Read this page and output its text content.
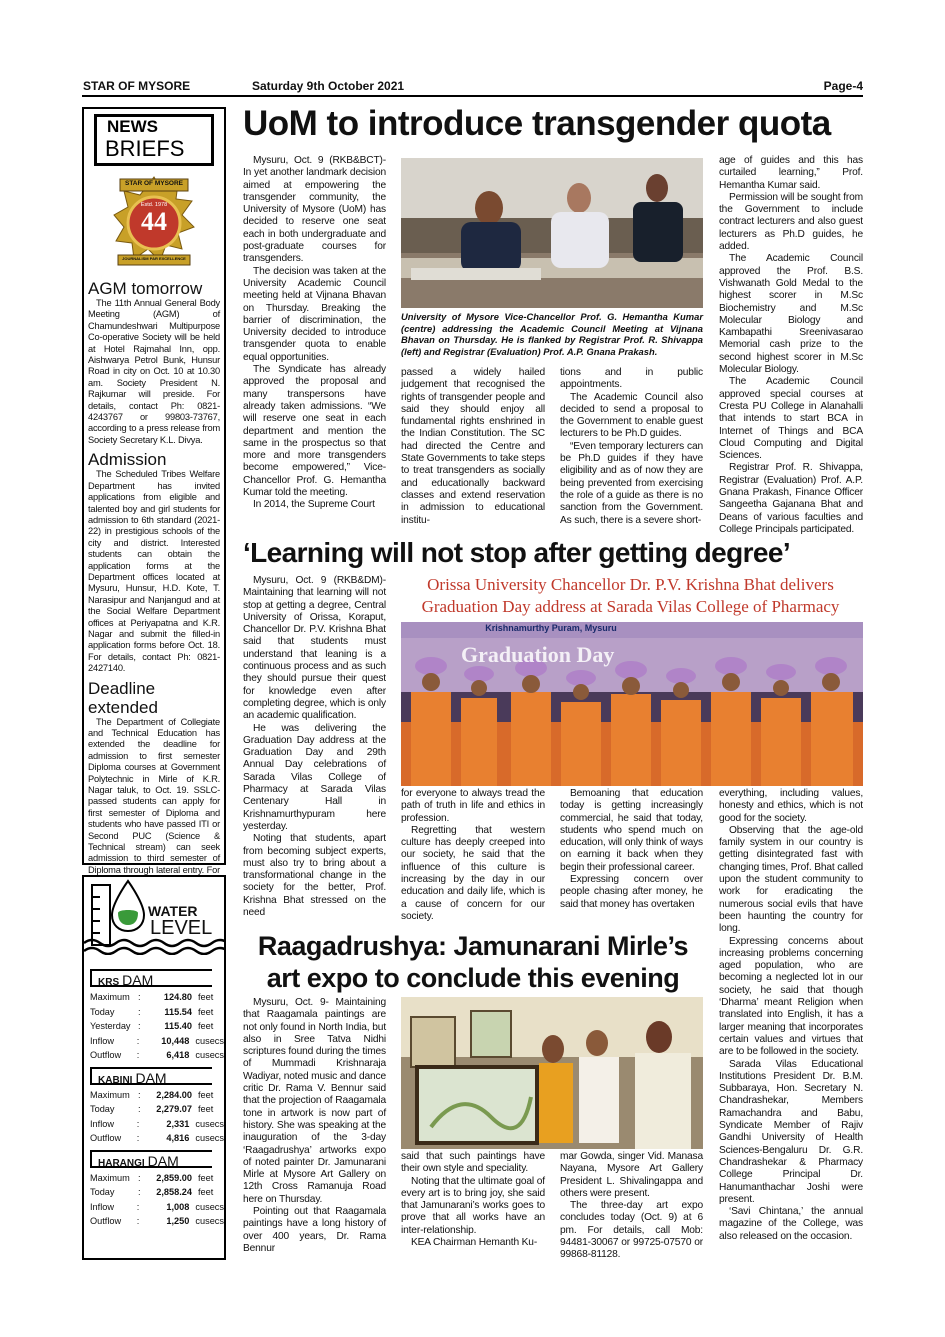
STAR OF MYSORE	Saturday 9th October 2021	Page-4
NEWS
BRIEFS
STAR OF MYSORE
Estd. 1978
44
JOURNALISM PAR EXCELLENCE
AGM tomorrow
The 11th Annual General Body Meeting (AGM) of Chamundeshwari Multipurpose Co-operative Society will be held at Hotel Rajmahal Inn, opp. Aishwarya Petrol Bunk, Hunsur Road in city on Oct. 10 at 10.30 am. Society President N. Rajkumar will preside. For details, contact Ph: 0821-4243767 or 99803-73767, according to a press release from Society Secretary K.L. Divya.
Admission
The Scheduled Tribes Welfare Department has invited applications from eligible and talented boy and girl students for admission to 6th standard (2021-22) in prestigious schools of the city and district. Interested students can obtain the application forms at the Department offices located at Mysuru, Hunsur, H.D. Kote, T. Narasipur and Nanjangud and at the Social Welfare Department offices at Periyapatna and K.R. Nagar and submit the filled-in application forms before Oct. 18. For details, contact Ph: 0821-2427140.
Deadline extended
The Department of Collegiate and Technical Education has extended the deadline for admission to first semester Diploma courses at Government Polytechnic in Mirle of K.R. Nagar taluk, to Oct. 19. SSLC-passed students can apply for first semester of Diploma and students who have passed ITI or Second PUC (Science & Technical stream) can seek admission to third semester of Diploma through lateral entry. For
WATER
LEVEL
KRS DAM
Maximum :	124.80 feet
Today	:	115.54 feet
Yesterday :	115.40 feet
Inflow	:	10,448 cusecs
Outflow	:	6,418 cusecs
KABINI DAM
Maximum :	2,284.00 feet
Today	:	2,279.07 feet
Inflow	:	2,331 cusecs
Outflow	:	4,816 cusecs
HARANGI DAM
Maximum :	2,859.00 feet
Today	:	2,858.24 feet
Inflow	:	1,008 cusecs
Outflow	:	1,250 cusecs
UoM to introduce transgender quota

Mysuru, Oct. 9 (RKB&BCT)- In yet another landmark decision aimed at empowering the transgender community, the University of Mysore (UoM) has decided to reserve one seat each in both undergraduate and post-graduate courses for transgenders.

The decision was taken at the University Academic Council meeting held at Vijnana Bhavan on Thursday. Breaking the barrier of discrimination, the University decided to introduce transgender quota to enable equal opportunities.

The Syndicate has already approved the proposal and many transpersons have already taken admissions. “We will reserve one seat in each department and mention the same in the prospectus so that more and more transgenders become empowered,” Vice-Chancellor Prof. G. Hemantha Kumar told the meeting.

In 2014, the Supreme Court

University of Mysore Vice-Chancellor Prof. G. Hemantha Kumar (centre) addressing the Academic Council Meeting at Vijnana Bhavan on Thursday. He is flanked by Registrar Prof. R. Shivappa (left) and Registrar (Evaluation) Prof. A.P. Gnana Prakash.

passed a widely hailed judgement that recognised the rights of transgender people and said they should enjoy all fundamental rights enshrined in the Indian Constitution. The SC had directed the Centre and State Governments to take steps to treat transgenders as socially and educationally backward classes and extend reservation in admission to educational institu-

tions and in public appointments.

The Academic Council also decided to send a proposal to the Government to enable guest lecturers to be Ph.D guides.

“Even temporary lecturers can be Ph.D guides if they have eligibility and as of now they are being prevented from exercising the role of a guide as there is no sanction from the Government. As such, there is a severe short-

age of guides and this has curtailed learning,” Prof. Hemantha Kumar said.

Permission will be sought from the Government to include contract lecturers and also guest lecturers as Ph.D guides, he added.

The Academic Council approved the Prof. B.S. Vishwanath Gold Medal to the highest scorer in M.Sc Biochemistry and M.Sc Molecular Biology and Kambapathi Sreenivasarao Memorial cash prize to the second highest scorer in M.Sc Molecular Biology.

The Academic Council approved special courses at Cresta PU College in Alanahalli that intends to start BCA in Internet of Things and BCA Cloud Computing and Digital Sciences.

Registrar Prof. R. Shivappa, Registrar (Evaluation) Prof. A.P. Gnana Prakash, Finance Officer Sangeetha Gajanana Bhat and Deans of various faculties and College Principals participated.

‘Learning will not stop after getting degree’
Orissa University Chancellor Dr. P.V. Krishna Bhat delivers
Graduation Day address at Sarada Vilas College of Pharmacy

Mysuru, Oct. 9 (RKB&DM)- Maintaining that learning will not stop at getting a degree, Central University of Orissa, Koraput, Chancellor Dr. P.V. Krishna Bhat said that students must understand that leaning is a continuous process and as such they should pursue their quest for knowledge even after completing degree, which is only an academic qualification.

He was delivering the Graduation Day address at the Graduation Day and 29th Annual Day celebrations of Sarada Vilas College of Pharmacy at Sarada Vilas Centenary Hall in Krishnamurthypuram here yesterday.

Noting that students, apart from becoming subject experts, must also try to bring about a transformational change in the society for the better, Prof. Krishna Bhat stressed on the need

Krishnamurthy Puram, Mysuru
Graduation Day

for everyone to always tread the path of truth in life and ethics in profession.

Regretting that western culture has deeply creeped into our society, he said that the influence of this culture is increasing by the day in our education and daily life, which is a cause of concern for our society.

Bemoaning that education today is getting increasingly commercial, he said that today, students who spend much on education, will only think of ways on earning it back when they begin their professional career.

Expressing concern over people chasing after money, he said that money has overtaken

everything, including values, honesty and ethics, which is not good for the society.

Observing that the age-old family system in our country is getting disintegrated fast with changing times, Prof. Bhat called upon the student community to work for eradicating the numerous social evils that have been haunting the country for long.

Expressing concerns about increasing problems concerning aged population, who are becoming a neglected lot in our society, he said that though ‘Dharma’ meant Religion when translated into English, it has a larger meaning that incorporates certain values and virtues that are to be followed in the society.

Sarada Vilas Educational Institutions President Dr. B.M. Subbaraya, Hon. Secretary N. Chandrashekar, Members Ramachandra and Babu, Syndicate Member of Rajiv Gandhi University of Health Sciences-Bengaluru Dr. G.R. Chandrashekar & Pharmacy College Principal Dr. Hanumanthachar Joshi were present.

‘Savi Chintana,’ the annual magazine of the College, was also released on the occasion.

Raagadrushya: Jamunarani Mirle’s
art expo to conclude this evening

Mysuru, Oct. 9- Maintaining that Raagamala paintings are not only found in North India, but also in Sree Tatva Nidhi scriptures found during the times of Mummadi Krishnaraja Wadiyar, noted music and dance critic Dr. Rama V. Bennur said that the projection of Raagamala tone in artwork is now part of history. She was speaking at the inauguration of the 3-day ‘Raagadrushya’ artworks expo of noted painter Dr. Jamunarani Mirle at Mysore Art Gallery on 12th Cross Ramanuja Road here on Thursday.

Pointing out that Raagamala paintings have a long history of over 400 years, Dr. Rama Bennur

said that such paintings have their own style and speciality.

Noting that the ultimate goal of every art is to bring joy, she said that Jamunarani’s works goes to prove that all works have an inter-relationship.

KEA Chairman Hemanth Ku-

mar Gowda, singer Vid. Manasa Nayana, Mysore Art Gallery President L. Shivalingappa and others were present.

The three-day art expo concludes today (Oct. 9) at 6 pm. For details, call Mob: 94481-30067 or 99725-07570 or 99868-81128.
